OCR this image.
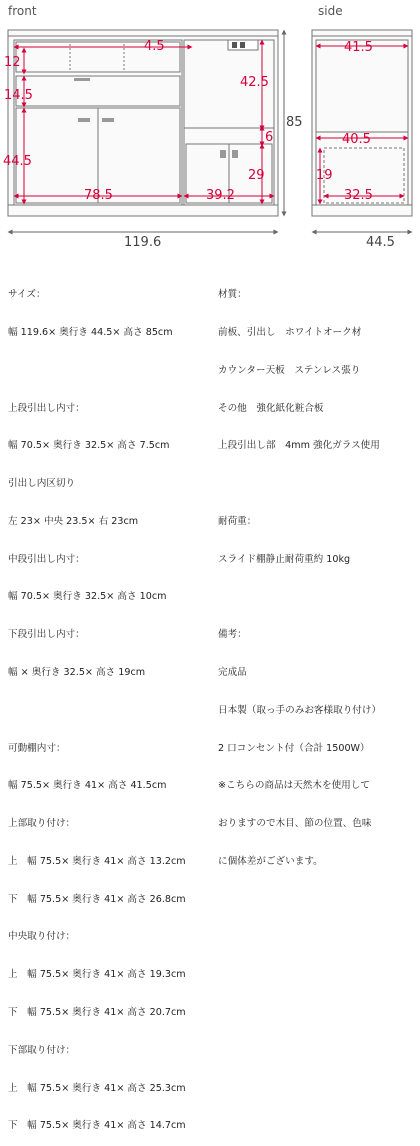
front	side
4.5
12
42.5
14.5
6
44.5
29
78.5	39.2
85
119.6
41.5
40.5
19
32.5
44.5

サイズ：

幅 119.6× 奥行き 44.5× 高さ 85cm

上段引出し内寸：

幅 70.5× 奥行き 32.5× 高さ 7.5cm

引出し内区切り

左 23× 中央 23.5× 右 23cm

中段引出し内寸：

幅 70.5× 奥行き 32.5× 高さ 10cm

下段引出し内寸：

幅 × 奥行き 32.5× 高さ 19cm

可動棚内寸：

幅 75.5× 奥行き 41× 高さ 41.5cm

上部取り付け：

上　幅 75.5× 奥行き 41× 高さ 13.2cm

下　幅 75.5× 奥行き 41× 高さ 26.8cm

中央取り付け：

上　幅 75.5× 奥行き 41× 高さ 19.3cm

下　幅 75.5× 奥行き 41× 高さ 20.7cm

下部取り付け：

上　幅 75.5× 奥行き 41× 高さ 25.3cm

下　幅 75.5× 奥行き 41× 高さ 14.7cm

材質：

前板、引出し　ホワイトオーク材

カウンター天板　ステンレス張り

その他　強化紙化粧合板

上段引出し部　4mm 強化ガラス使用

耐荷重：

スライド棚静止耐荷重約 10kg

備考：

完成品

日本製（取っ手のみお客様取り付け）

2 口コンセント付（合計 1500W）

※こちらの商品は天然木を使用して

おりますので木目、節の位置、色味

に個体差がございます。
